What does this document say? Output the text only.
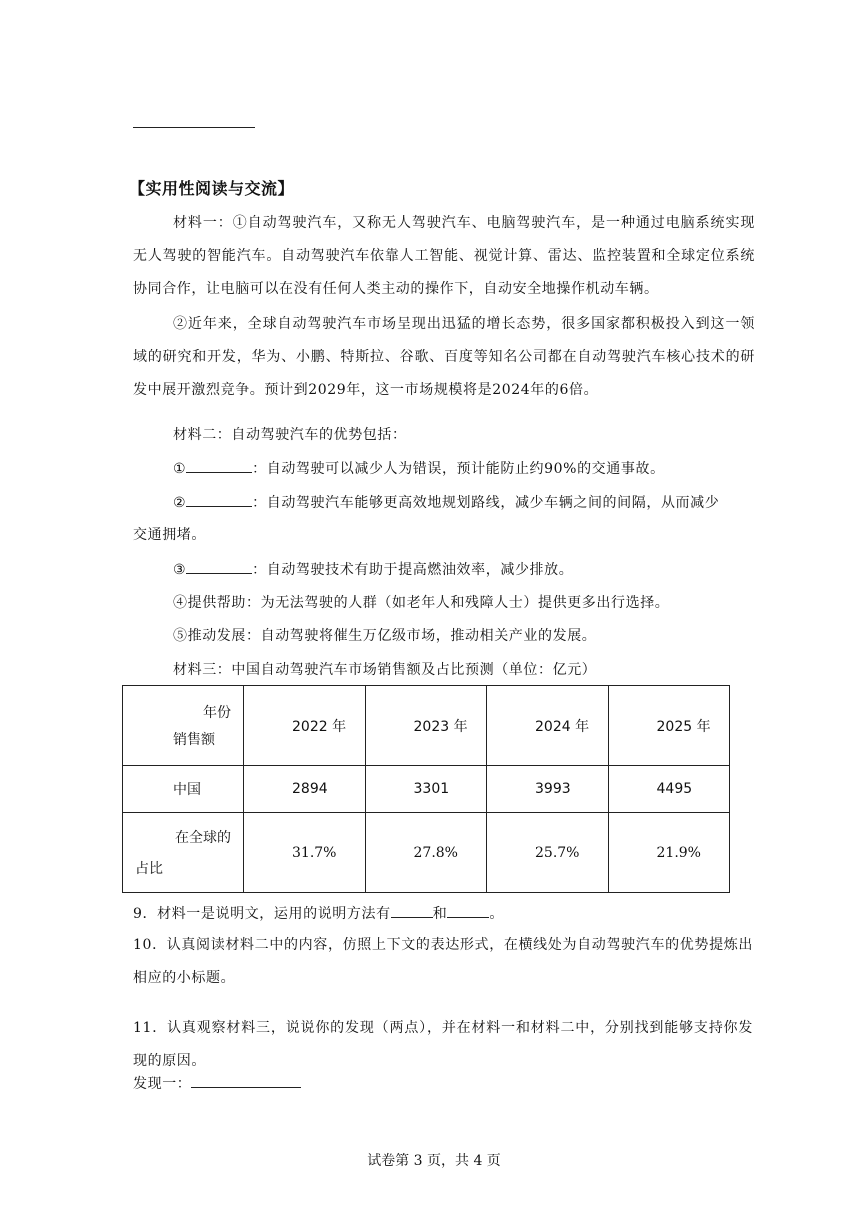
【实用性阅读与交流】
材料一：①自动驾驶汽车，又称无人驾驶汽车、电脑驾驶汽车，是一种通过电脑系统实现无人驾驶的智能汽车。自动驾驶汽车依靠人工智能、视觉计算、雷达、监控装置和全球定位系统协同合作，让电脑可以在没有任何人类主动的操作下，自动安全地操作机动车辆。
②近年来，全球自动驾驶汽车市场呈现出迅猛的增长态势，很多国家都积极投入到这一领域的研究和开发，华为、小鹏、特斯拉、谷歌、百度等知名公司都在自动驾驶汽车核心技术的研发中展开激烈竞争。预计到2029年，这一市场规模将是2024年的6倍。
材料二：自动驾驶汽车的优势包括：
①	：自动驾驶可以减少人为错误，预计能防止约90%的交通事故。
②	：自动驾驶汽车能够更高效地规划路线，减少车辆之间的间隔，从而减少
交通拥堵。
③	：自动驾驶技术有助于提高燃油效率，减少排放。
④提供帮助：为无法驾驶的人群（如老年人和残障人士）提供更多出行选择。
⑤推动发展：自动驾驶将催生万亿级市场，推动相关产业的发展。
材料三：中国自动驾驶汽车市场销售额及占比预测（单位：亿元）
年份
销售额	2022 年	2023 年	2024 年	2025 年
中国	2894	3301	3993	4495

在全球的
占比	31.7%	27.8%	25.7%	21.9%
9．材料一是说明文，运用的说明方法有	和	。
10．认真阅读材料二中的内容，仿照上下文的表达形式，在横线处为自动驾驶汽车的优势提炼出相应的小标题。
11．认真观察材料三，说说你的发现（两点），并在材料一和材料二中，分别找到能够支持你发现的原因。
发现一：
试卷第 3 页，共 4 页
